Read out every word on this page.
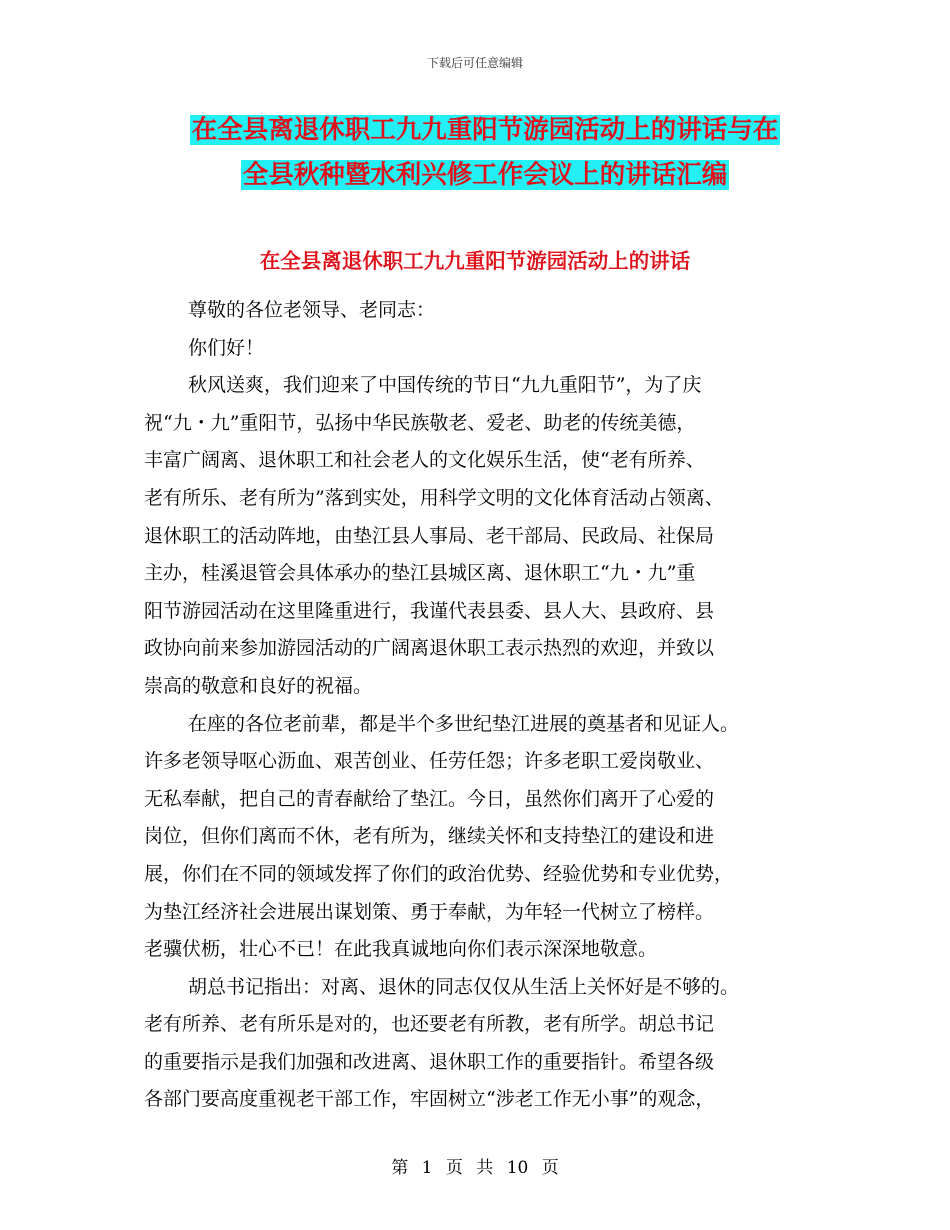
下载后可任意编辑
在全县离退休职工九九重阳节游园活动上的讲话与在
全县秋种暨水利兴修工作会议上的讲话汇编
在全县离退休职工九九重阳节游园活动上的讲话
尊敬的各位老领导、老同志：
你们好！
秋风送爽，我们迎来了中国传统的节日“九九重阳节”，为了庆
祝“九・九”重阳节，弘扬中华民族敬老、爱老、助老的传统美德，
丰富广阔离、退休职工和社会老人的文化娱乐生活，使“老有所养、
老有所乐、老有所为”落到实处，用科学文明的文化体育活动占领离、
退休职工的活动阵地，由垫江县人事局、老干部局、民政局、社保局
主办，桂溪退管会具体承办的垫江县城区离、退休职工“九・九”重
阳节游园活动在这里隆重进行，我谨代表县委、县人大、县政府、县
政协向前来参加游园活动的广阔离退休职工表示热烈的欢迎，并致以
崇高的敬意和良好的祝福。
在座的各位老前辈，都是半个多世纪垫江进展的奠基者和见证人。
许多老领导呕心沥血、艰苦创业、任劳任怨；许多老职工爱岗敬业、
无私奉献，把自己的青春献给了垫江。今日，虽然你们离开了心爱的
岗位，但你们离而不休，老有所为，继续关怀和支持垫江的建设和进
展，你们在不同的领域发挥了你们的政治优势、经验优势和专业优势，
为垫江经济社会进展出谋划策、勇于奉献，为年轻一代树立了榜样。
老骥伏枥，壮心不已！在此我真诚地向你们表示深深地敬意。
胡总书记指出：对离、退休的同志仅仅从生活上关怀好是不够的。
老有所养、老有所乐是对的，也还要老有所教，老有所学。胡总书记
的重要指示是我们加强和改进离、退休职工作的重要指针。希望各级
各部门要高度重视老干部工作，牢固树立“涉老工作无小事”的观念，
第 1 页 共 10 页
